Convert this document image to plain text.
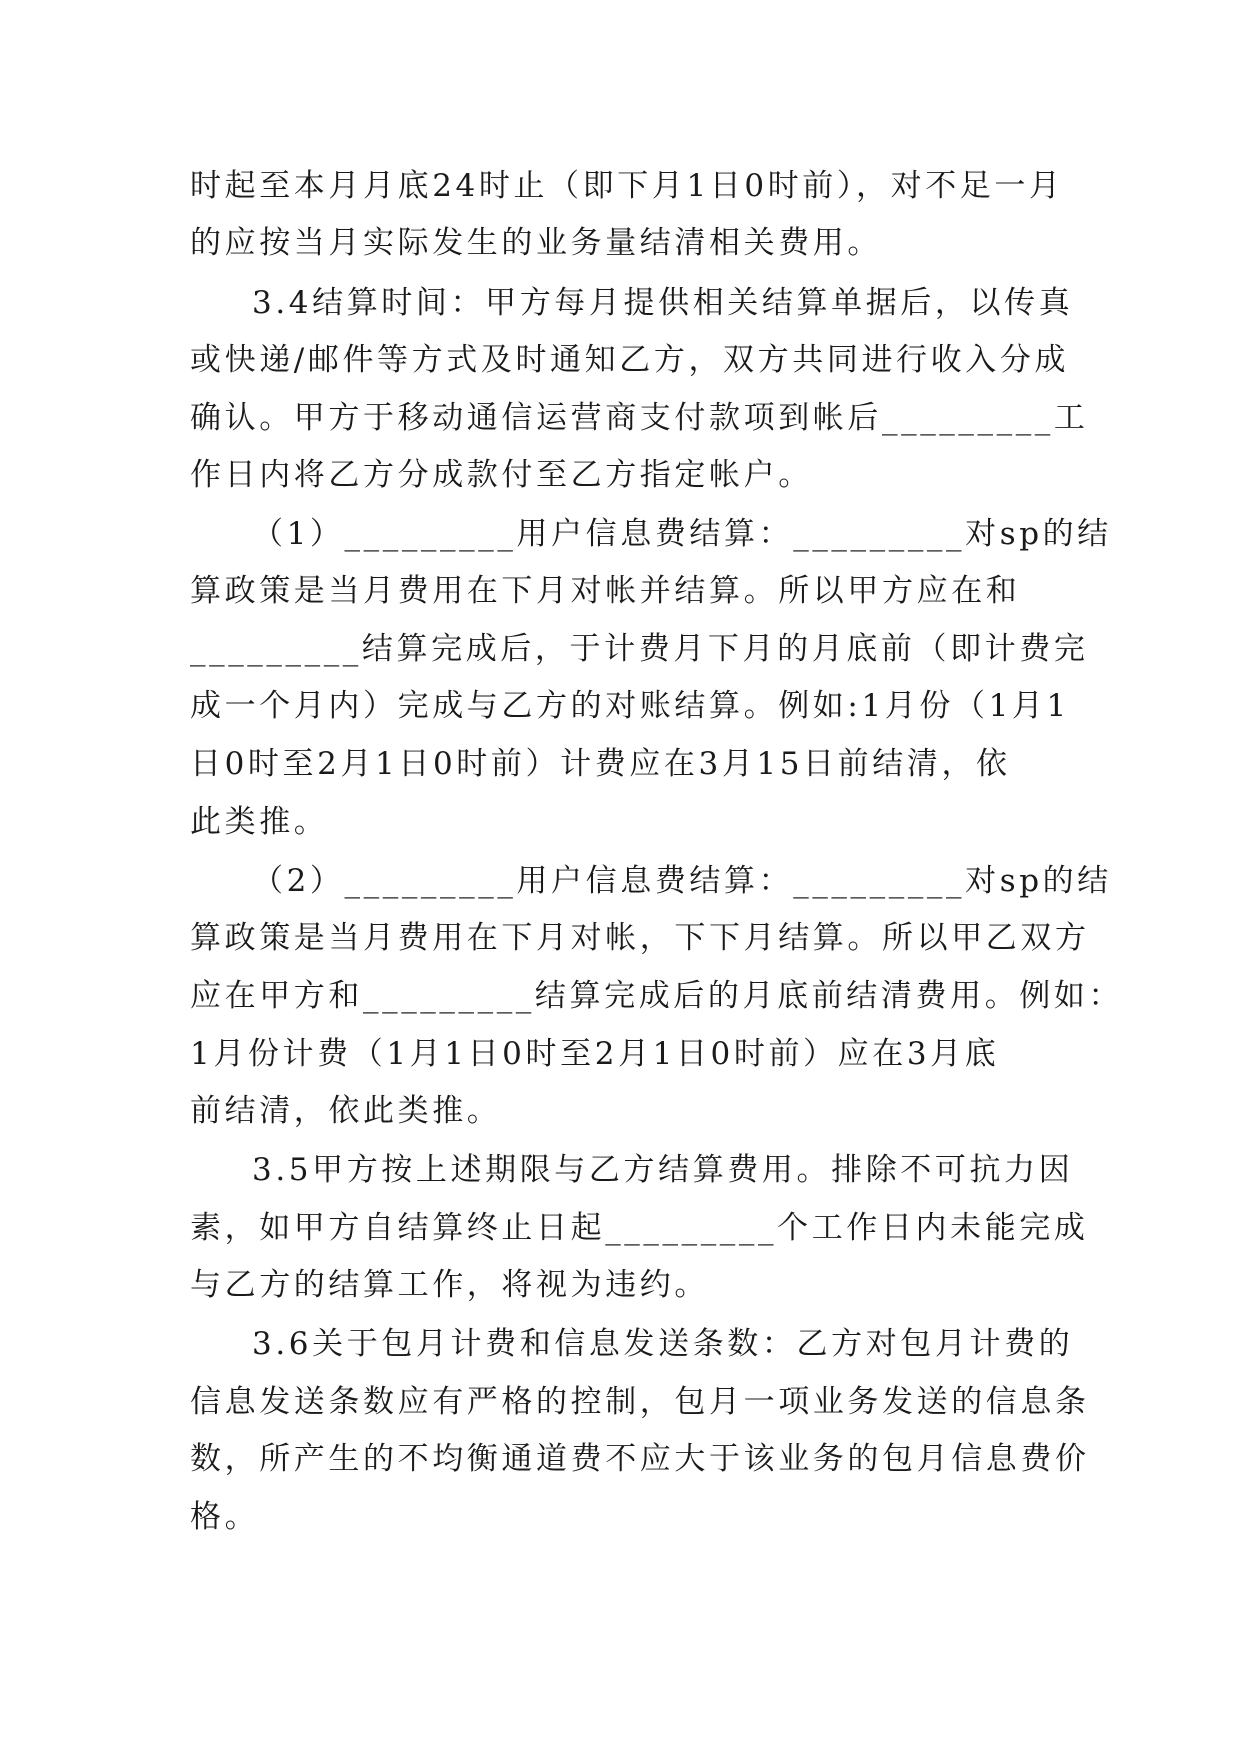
时起至本月月底24时止（即下月1日0时前），对不足一月
的应按当月实际发生的业务量结清相关费用。
3.4结算时间：甲方每月提供相关结算单据后，以传真
或快递/邮件等方式及时通知乙方，双方共同进行收入分成
确认。甲方于移动通信运营商支付款项到帐后_________工
作日内将乙方分成款付至乙方指定帐户。
（1）_________用户信息费结算：_________对sp的结
算政策是当月费用在下月对帐并结算。所以甲方应在和
_________结算完成后，于计费月下月的月底前（即计费完
成一个月内）完成与乙方的对账结算。例如:1月份（1月1
日0时至2月1日0时前）计费应在3月15日前结清，依
此类推。
（2）_________用户信息费结算：_________对sp的结
算政策是当月费用在下月对帐，下下月结算。所以甲乙双方
应在甲方和_________结算完成后的月底前结清费用。例如：
1月份计费（1月1日0时至2月1日0时前）应在3月底
前结清，依此类推。
3.5甲方按上述期限与乙方结算费用。排除不可抗力因
素，如甲方自结算终止日起_________个工作日内未能完成
与乙方的结算工作，将视为违约。
3.6关于包月计费和信息发送条数：乙方对包月计费的
信息发送条数应有严格的控制，包月一项业务发送的信息条
数，所产生的不均衡通道费不应大于该业务的包月信息费价
格。
